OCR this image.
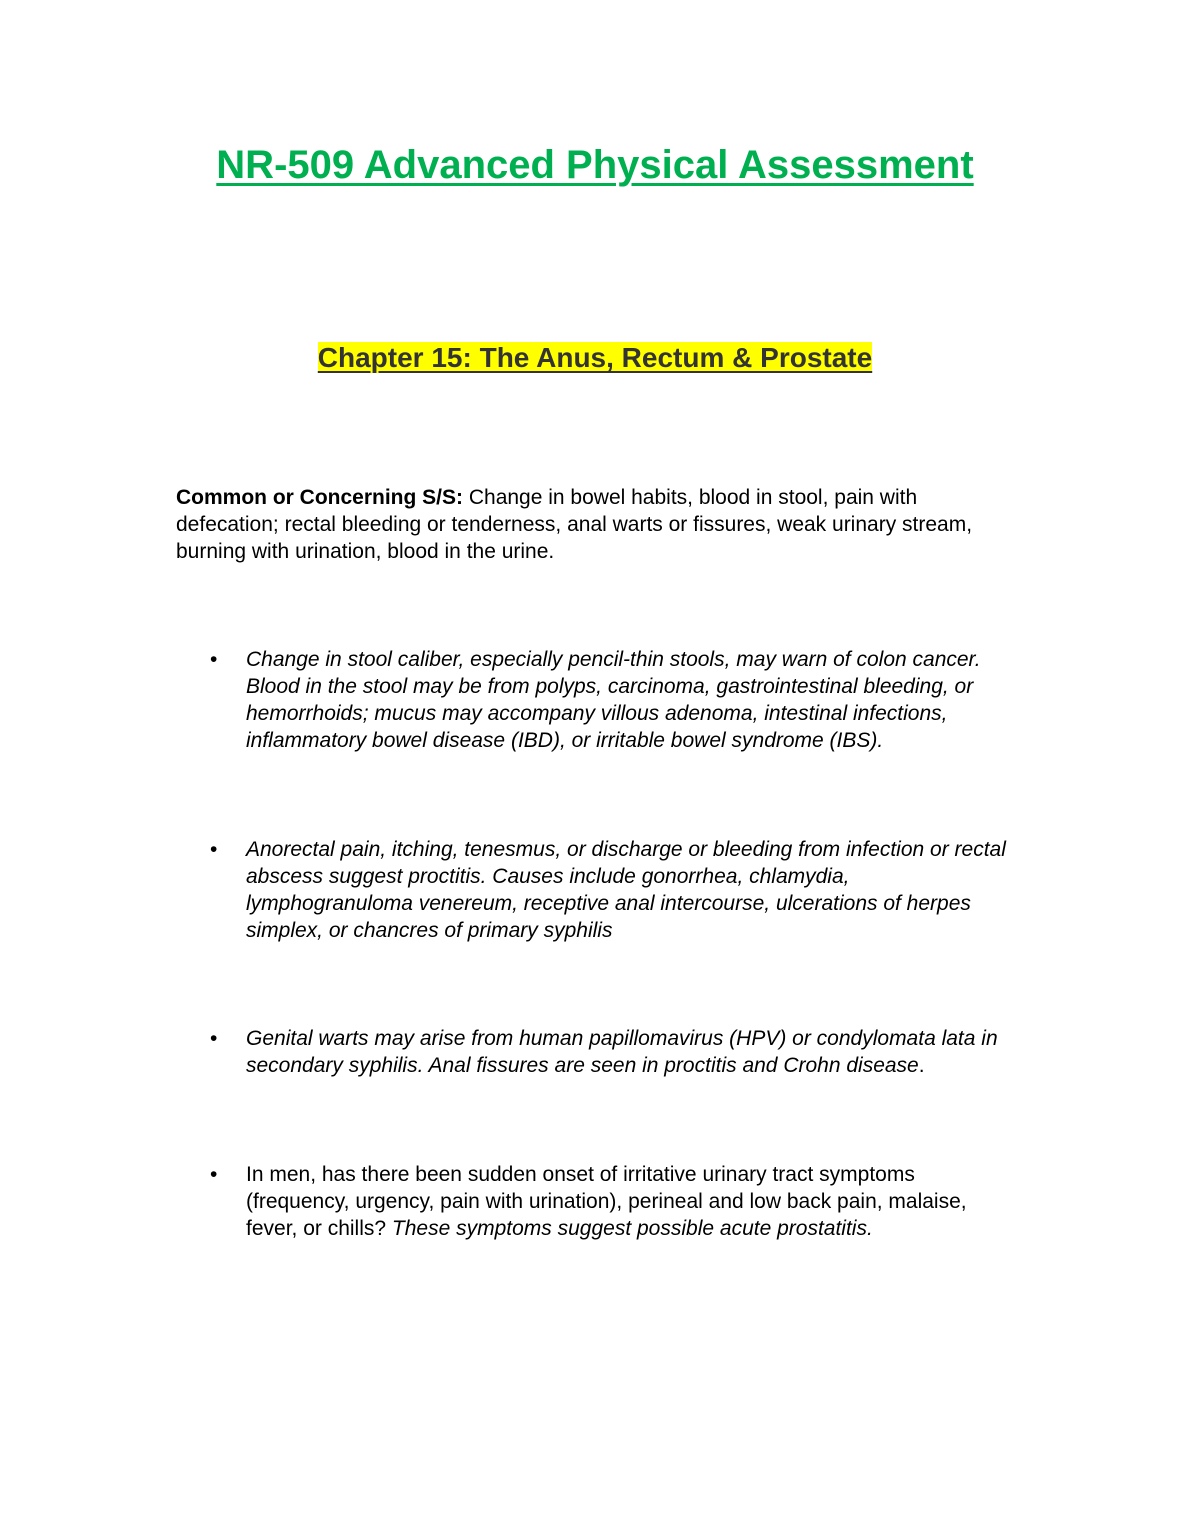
NR-509 Advanced Physical Assessment
Chapter 15: The Anus, Rectum & Prostate

Common or Concerning S/S: Change in bowel habits, blood in stool, pain with defecation; rectal bleeding or tenderness, anal warts or fissures, weak urinary stream, burning with urination, blood in the urine.

•	Change in stool caliber, especially pencil-thin stools, may warn of colon cancer. Blood in the stool may be from polyps, carcinoma, gastrointestinal bleeding, or hemorrhoids; mucus may accompany villous adenoma, intestinal infections, inflammatory bowel disease (IBD), or irritable bowel syndrome (IBS).
•	Anorectal pain, itching, tenesmus, or discharge or bleeding from infection or rectal abscess suggest proctitis. Causes include gonorrhea, chlamydia, lymphogranuloma venereum, receptive anal intercourse, ulcerations of herpes simplex, or chancres of primary syphilis
•	Genital warts may arise from human papillomavirus (HPV) or condylomata lata in secondary syphilis. Anal fissures are seen in proctitis and Crohn disease.
•	In men, has there been sudden onset of irritative urinary tract symptoms (frequency, urgency, pain with urination), perineal and low back pain, malaise, fever, or chills? These symptoms suggest possible acute prostatitis.
